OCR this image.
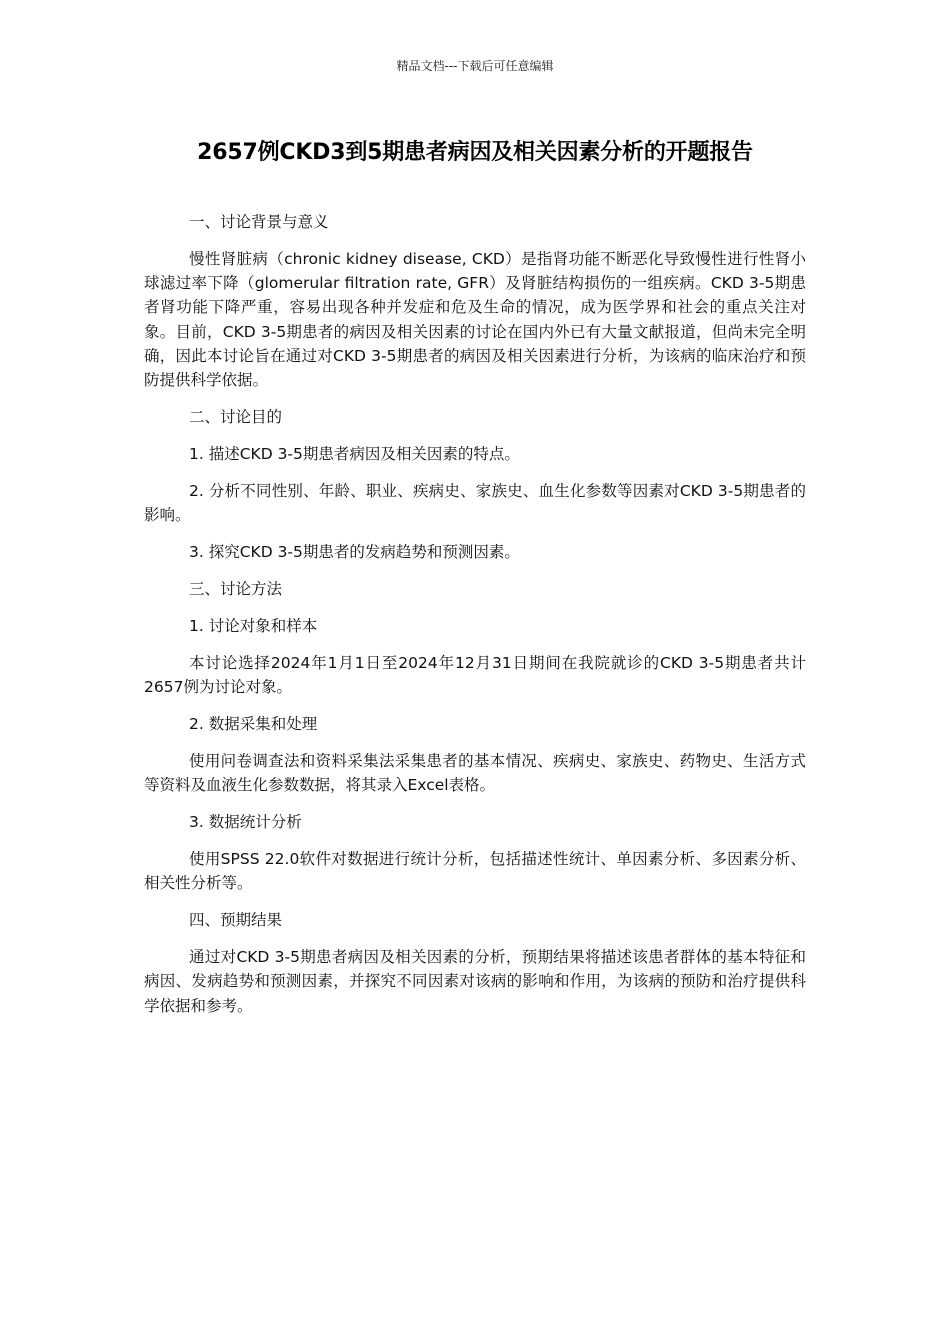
精品文档---下载后可任意编辑
2657例CKD3到5期患者病因及相关因素分析的开题报告

一、讨论背景与意义

慢性肾脏病（chronic kidney disease, CKD）是指肾功能不断恶化导致慢性进行性肾小球滤过率下降（glomerular filtration rate, GFR）及肾脏结构损伤的一组疾病。CKD 3-5期患者肾功能下降严重，容易出现各种并发症和危及生命的情况，成为医学界和社会的重点关注对象。目前，CKD 3-5期患者的病因及相关因素的讨论在国内外已有大量文献报道，但尚未完全明确，因此本讨论旨在通过对CKD 3-5期患者的病因及相关因素进行分析，为该病的临床治疗和预防提供科学依据。

二、讨论目的

1. 描述CKD 3-5期患者病因及相关因素的特点。

2. 分析不同性别、年龄、职业、疾病史、家族史、血生化参数等因素对CKD 3-5期患者的影响。

3. 探究CKD 3-5期患者的发病趋势和预测因素。

三、讨论方法

1. 讨论对象和样本

本讨论选择2024年1月1日至2024年12月31日期间在我院就诊的CKD 3-5期患者共计2657例为讨论对象。

2. 数据采集和处理

使用问卷调查法和资料采集法采集患者的基本情况、疾病史、家族史、药物史、生活方式等资料及血液生化参数数据，将其录入Excel表格。

3. 数据统计分析

使用SPSS 22.0软件对数据进行统计分析，包括描述性统计、单因素分析、多因素分析、相关性分析等。

四、预期结果

通过对CKD 3-5期患者病因及相关因素的分析，预期结果将描述该患者群体的基本特征和病因、发病趋势和预测因素，并探究不同因素对该病的影响和作用，为该病的预防和治疗提供科学依据和参考。
